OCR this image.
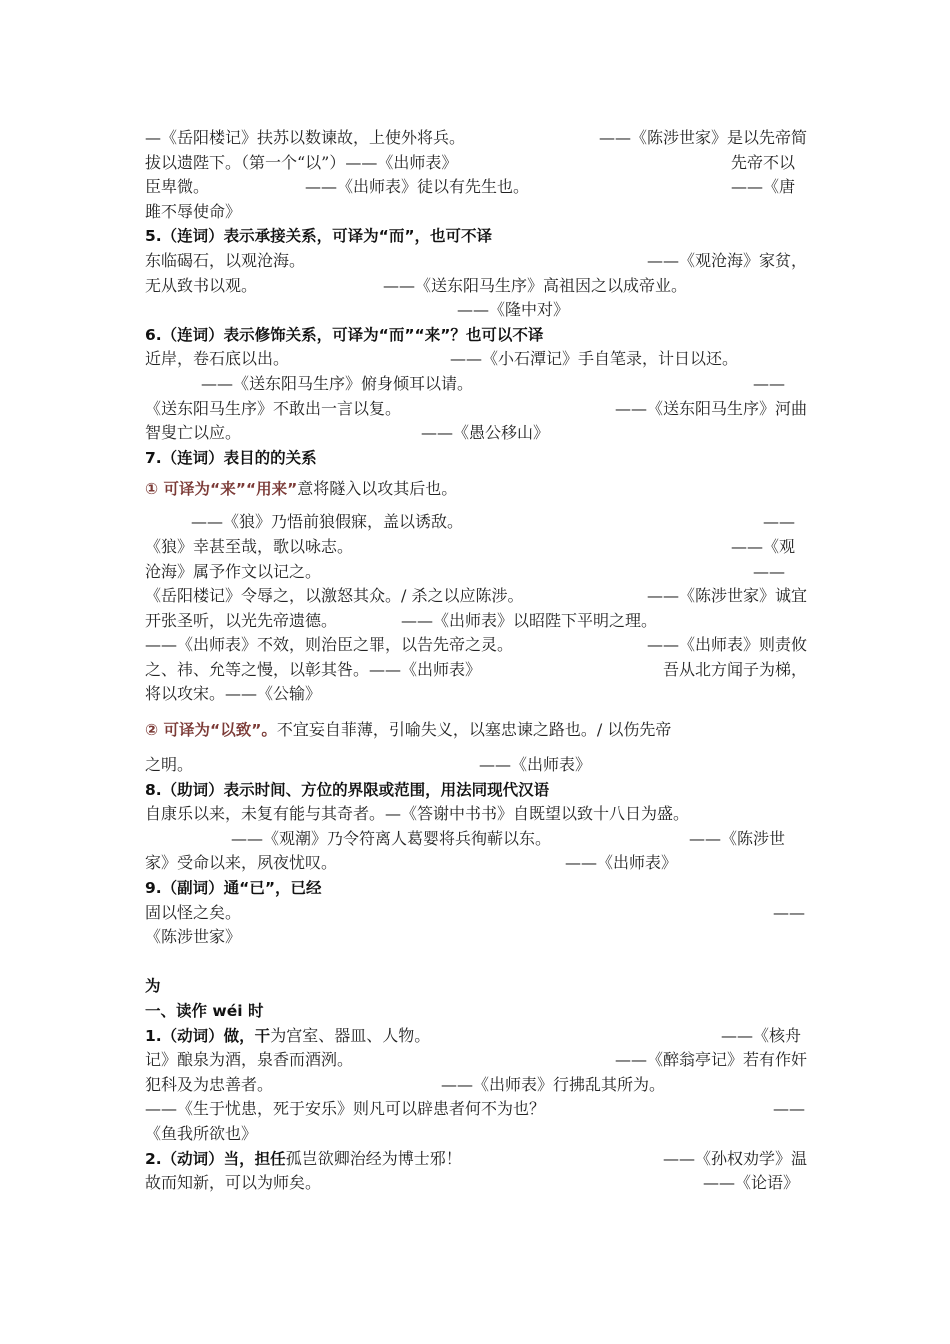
—《岳阳楼记》扶苏以数谏故，上使外将兵。	——《陈涉世家》是以先帝简
拔以遗陛下。（第一个“以”）——《出师表》	先帝不以
臣卑微。	——《出师表》徒以有先生也。	——《唐
雎不辱使命》
5.（连词）表示承接关系，可译为“而”，也可不译
东临碣石，以观沧海。	——《观沧海》家贫，
无从致书以观。	——《送东阳马生序》高祖因之以成帝业。
——《隆中对》
6.（连词）表示修饰关系，可译为“而”“来”？也可以不译
近岸，卷石底以出。	——《小石潭记》手自笔录，计日以还。
——《送东阳马生序》俯身倾耳以请。	——
《送东阳马生序》不敢出一言以复。	——《送东阳马生序》河曲
智叟亡以应。	——《愚公移山》
7.（连词）表目的的关系
① 可译为“来”“用来”意将隧入以攻其后也。
——《狼》乃悟前狼假寐，盖以诱敌。	——
《狼》幸甚至哉，歌以咏志。	——《观
沧海》属予作文以记之。	——
《岳阳楼记》令辱之，以激怒其众。/ 杀之以应陈涉。	——《陈涉世家》诚宜
开张圣听，以光先帝遗德。	——《出师表》以昭陛下平明之理。
——《出师表》不效，则治臣之罪，以告先帝之灵。	——《出师表》则责攸
之、祎、允等之慢，以彰其咎。——《出师表》	吾从北方闻子为梯，
将以攻宋。——《公输》
② 可译为“以致”。不宜妄自菲薄，引喻失义，以塞忠谏之路也。/ 以伤先帝
之明。	——《出师表》
8.（助词）表示时间、方位的界限或范围，用法同现代汉语
自康乐以来，未复有能与其奇者。—《答谢中书书》自既望以致十八日为盛。
——《观潮》乃令符离人葛婴将兵徇蕲以东。	——《陈涉世
家》受命以来，夙夜忧叹。	——《出师表》
9.（副词）通“已”，已经
固以怪之矣。	——
《陈涉世家》
为
一、读作 wéi 时
1.（动词）做，干为宫室、器皿、人物。	——《核舟
记》酿泉为酒，泉香而酒洌。	——《醉翁亭记》若有作奸
犯科及为忠善者。	——《出师表》行拂乱其所为。
——《生于忧患，死于安乐》则凡可以辟患者何不为也？	——
《鱼我所欲也》
2.（动词）当，担任孤岂欲卿治经为博士邪！	——《孙权劝学》温
故而知新，可以为师矣。	——《论语》
